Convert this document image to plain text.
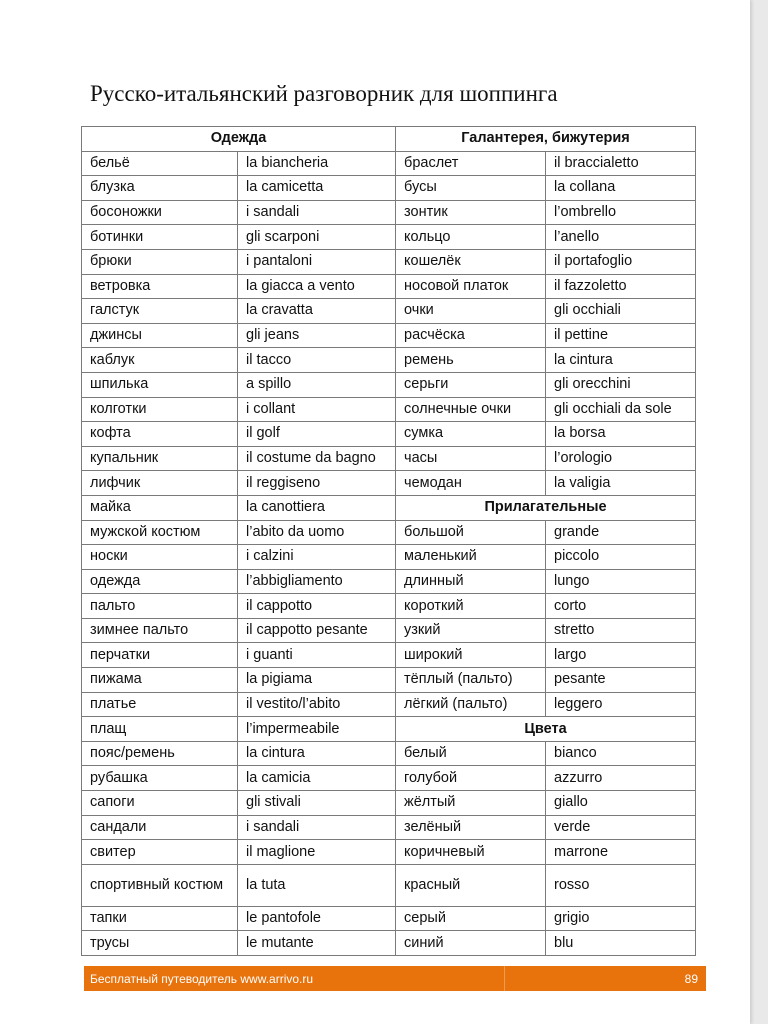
Русско-итальянский разговорник для шоппинга
Одежда		Галантерея, бижутерия	
бельё	la biancheria	браслет	il braccialetto
блузка	la camicetta	бусы	la collana
босоножки	i sandali	зонтик	l’ombrello
ботинки	gli scarponi	кольцо	l’anello
брюки	i pantaloni	кошелёк	il portafoglio
ветровка	la giacca a vento	носовой платок	il fazzoletto
галстук	la cravatta	очки	gli occhiali
джинсы	gli jeans	расчёска	il pettine
каблук	il tacco	ремень	la cintura
шпилька	a spillo	серьги	gli orecchini
колготки	i collant	солнечные очки	gli occhiali da sole
кофта	il golf	сумка	la borsa
купальник	il costume da bagno	часы	l’orologio
лифчик	il reggiseno	чемодан	la valigia
майка	la canottiera	Прилагательные	
мужской костюм	l’abito da uomo	большой	grande
носки	i calzini	маленький	piccolo
одежда	l’abbigliamento	длинный	lungo
пальто	il cappotto	короткий	corto
зимнее пальто	il cappotto pesante	узкий	stretto
перчатки	i guanti	широкий	largo
пижама	la pigiama	тёплый (пальто)	pesante
платье	il vestito/l’abito	лёгкий (пальто)	leggero
плащ	l’impermeabile	Цвета	
пояс/ремень	la cintura	белый	bianco
рубашка	la camicia	голубой	azzurro
сапоги	gli stivali	жёлтый	giallo
сандали	i sandali	зелёный	verde
свитер	il maglione	коричневый	marrone
спортивный костюм	la tuta	красный	rosso
тапки	le pantofole	серый	grigio
трусы	le mutante	синий	blu
Бесплатный путеводитель www.arrivo.ru	89
